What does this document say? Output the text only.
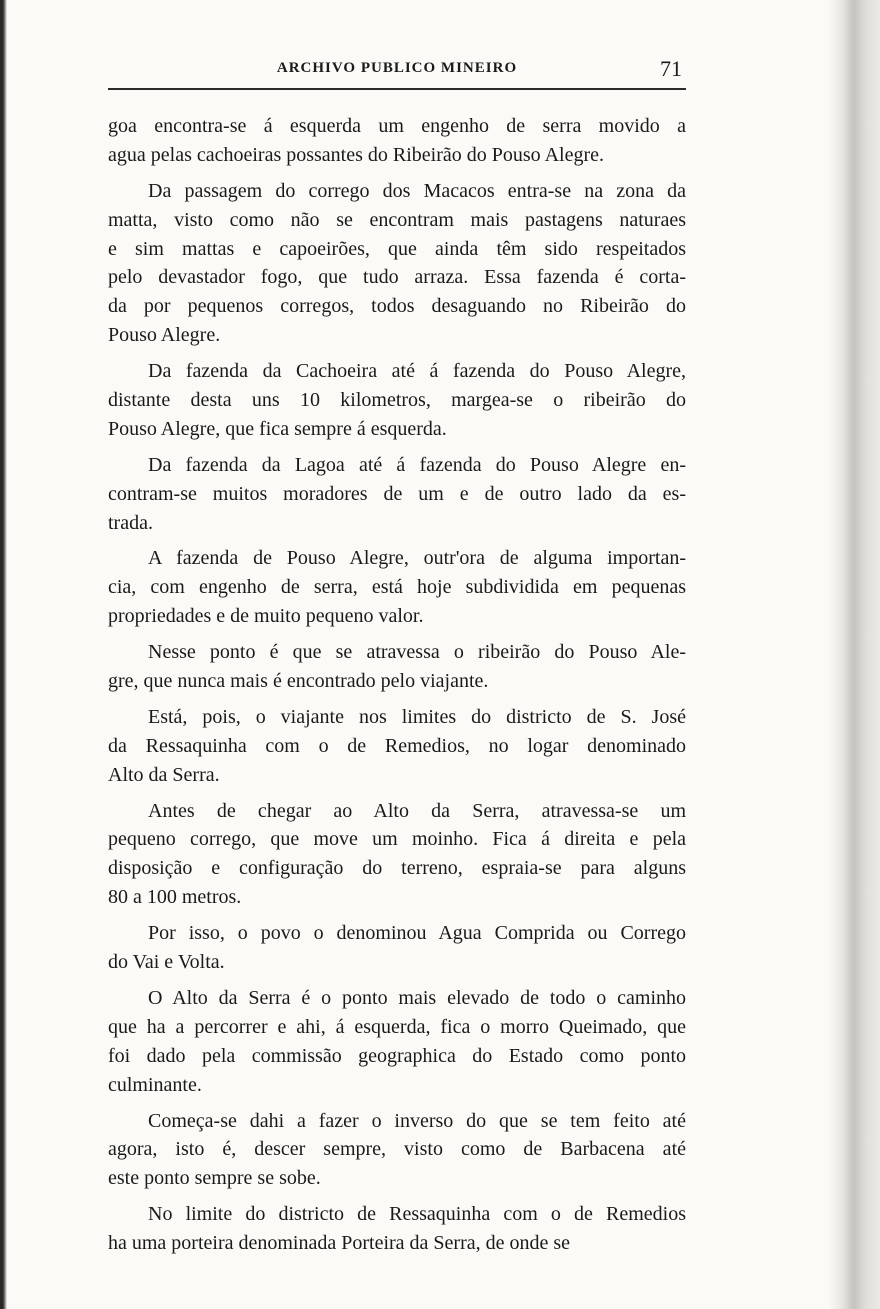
ARCHIVO PUBLICO MINEIRO	71
goa encontra-se á esquerda um engenho de serra movido a
agua pelas cachoeiras possantes do Ribeirão do Pouso Alegre.
Da passagem do corrego dos Macacos entra-se na zona da
matta, visto como não se encontram mais pastagens naturaes
e sim mattas e capoeirões, que ainda têm sido respeitados
pelo devastador fogo, que tudo arraza. Essa fazenda é corta-
da por pequenos corregos, todos desaguando no Ribeirão do
Pouso Alegre.
Da fazenda da Cachoeira até á fazenda do Pouso Alegre,
distante desta uns 10 kilometros, margea-se o ribeirão do
Pouso Alegre, que fica sempre á esquerda.
Da fazenda da Lagoa até á fazenda do Pouso Alegre en-
contram-se muitos moradores de um e de outro lado da es-
trada.
A fazenda de Pouso Alegre, outr'ora de alguma importan-
cia, com engenho de serra, está hoje subdividida em pequenas
propriedades e de muito pequeno valor.
Nesse ponto é que se atravessa o ribeirão do Pouso Ale-
gre, que nunca mais é encontrado pelo viajante.
Está, pois, o viajante nos limites do districto de S. José
da Ressaquinha com o de Remedios, no logar denominado
Alto da Serra.
Antes de chegar ao Alto da Serra, atravessa-se um
pequeno corrego, que move um moinho. Fica á direita e pela
disposição e configuração do terreno, espraia-se para alguns
80 a 100 metros.
Por isso, o povo o denominou Agua Comprida ou Corrego
do Vai e Volta.
O Alto da Serra é o ponto mais elevado de todo o caminho
que ha a percorrer e ahi, á esquerda, fica o morro Queimado, que
foi dado pela commissão geographica do Estado como ponto
culminante.
Começa-se dahi a fazer o inverso do que se tem feito até
agora, isto é, descer sempre, visto como de Barbacena até
este ponto sempre se sobe.
No limite do districto de Ressaquinha com o de Remedios
ha uma porteira denominada Porteira da Serra, de onde se
